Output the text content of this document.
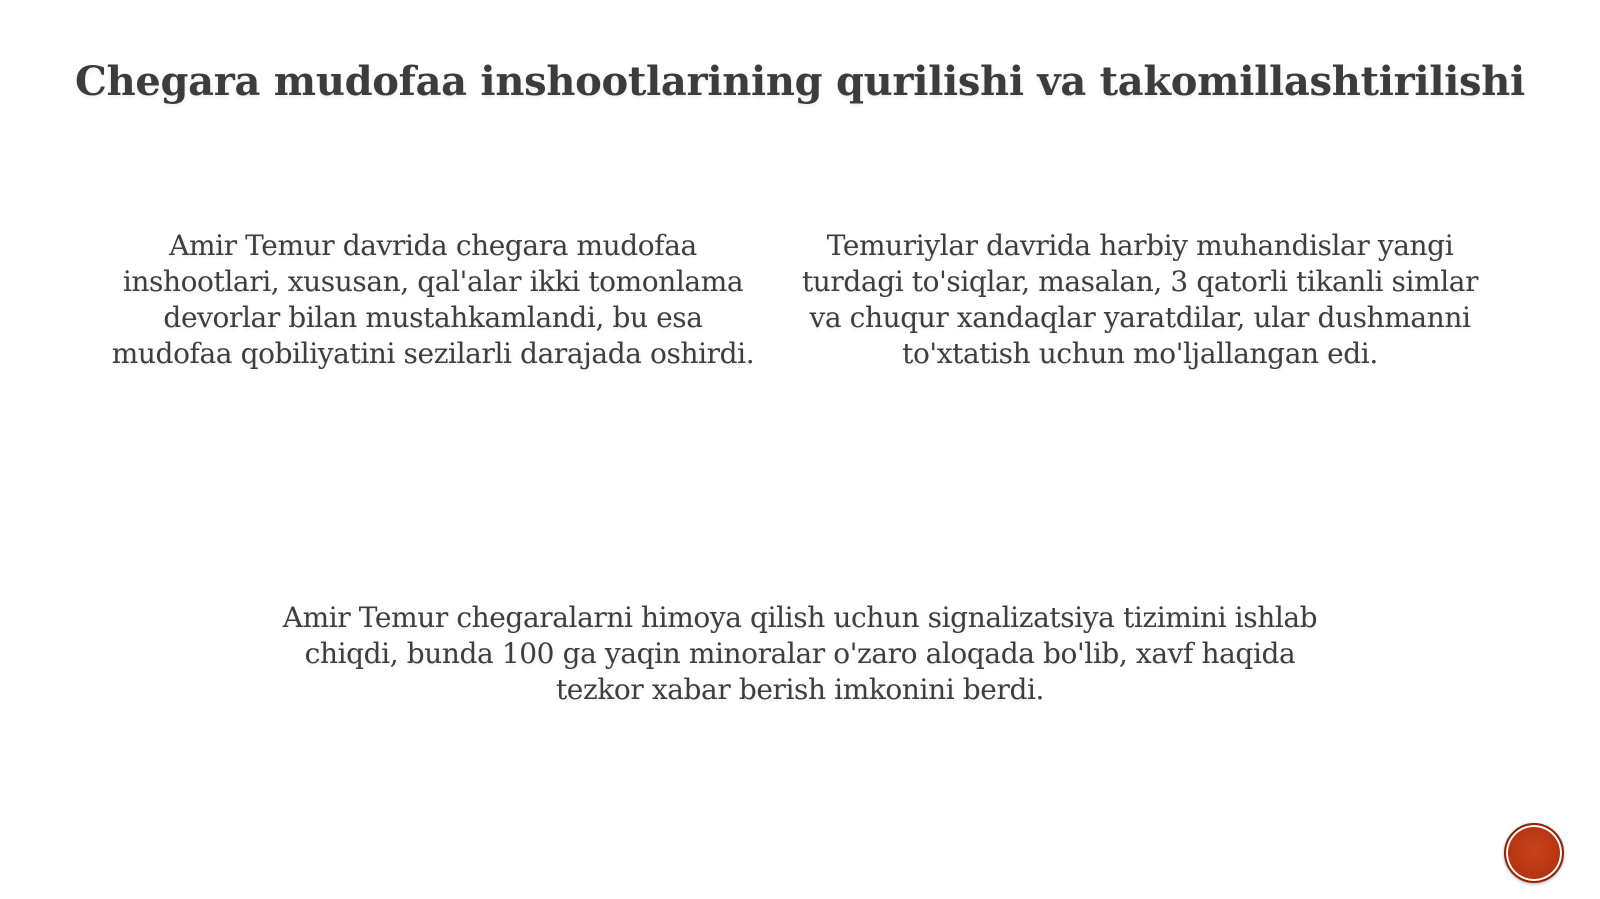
Chegara mudofaa inshootlarining qurilishi va takomillashtirilishi

Amir Temur davrida chegara mudofaa inshootlari, xususan, qal'alar ikki tomonlama devorlar bilan mustahkamlandi, bu esa mudofaa qobiliyatini sezilarli darajada oshirdi.

Temuriylar davrida harbiy muhandislar yangi turdagi to'siqlar, masalan, 3 qatorli tikanli simlar va chuqur xandaqlar yaratdilar, ular dushmanni to'xtatish uchun mo'ljallangan edi.

Amir Temur chegaralarni himoya qilish uchun signalizatsiya tizimini ishlab chiqdi, bunda 100 ga yaqin minoralar o'zaro aloqada bo'lib, xavf haqida tezkor xabar berish imkonini berdi.
